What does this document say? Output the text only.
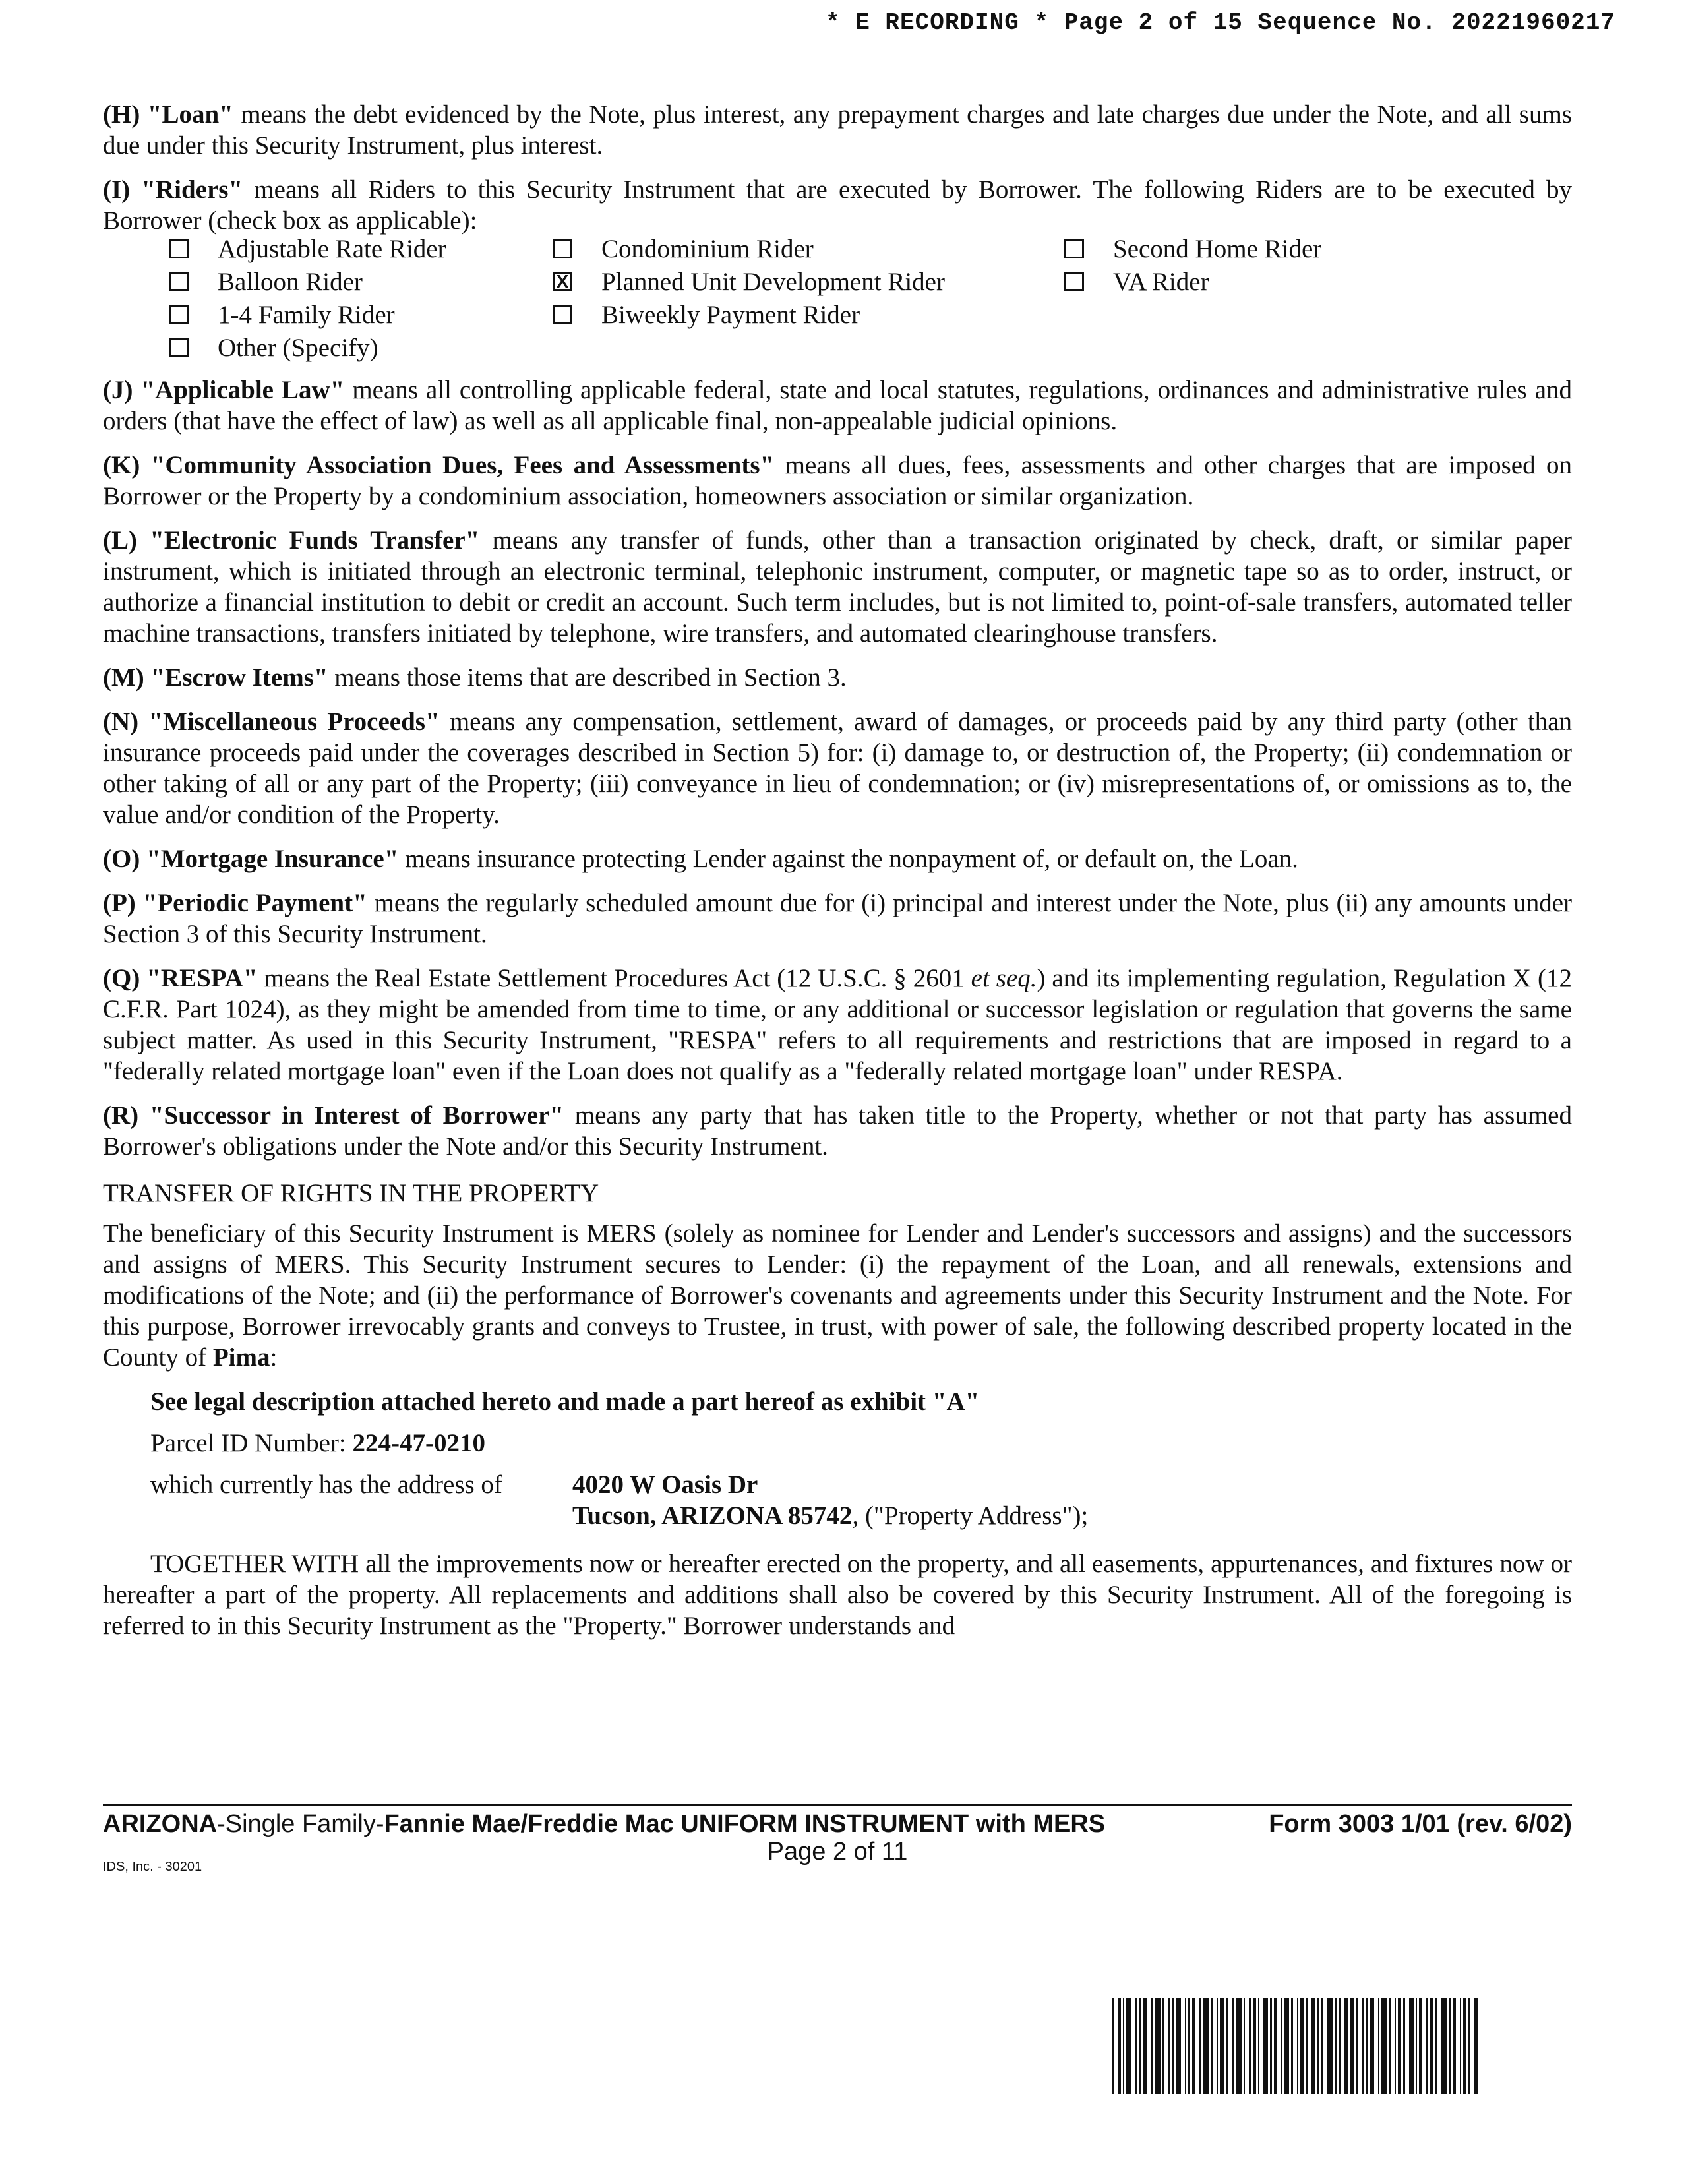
* E RECORDING * Page 2 of 15 Sequence No. 20221960217

(H) "Loan" means the debt evidenced by the Note, plus interest, any prepayment charges and late charges due under the Note, and all sums due under this Security Instrument, plus interest.

(I) "Riders" means all Riders to this Security Instrument that are executed by Borrower. The following Riders are to be executed by Borrower (check box as applicable):

Adjustable Rate Rider
Balloon Rider
1-4 Family Rider
Other (Specify)
Condominium Rider
X Planned Unit Development Rider
Biweekly Payment Rider
Second Home Rider
VA Rider

(J) "Applicable Law" means all controlling applicable federal, state and local statutes, regulations, ordinances and administrative rules and orders (that have the effect of law) as well as all applicable final, non-appealable judicial opinions.

(K) "Community Association Dues, Fees and Assessments" means all dues, fees, assessments and other charges that are imposed on Borrower or the Property by a condominium association, homeowners association or similar organization.

(L) "Electronic Funds Transfer" means any transfer of funds, other than a transaction originated by check, draft, or similar paper instrument, which is initiated through an electronic terminal, telephonic instrument, computer, or magnetic tape so as to order, instruct, or authorize a financial institution to debit or credit an account. Such term includes, but is not limited to, point-of-sale transfers, automated teller machine transactions, transfers initiated by telephone, wire transfers, and automated clearinghouse transfers.

(M) "Escrow Items" means those items that are described in Section 3.

(N) "Miscellaneous Proceeds" means any compensation, settlement, award of damages, or proceeds paid by any third party (other than insurance proceeds paid under the coverages described in Section 5) for: (i) damage to, or destruction of, the Property; (ii) condemnation or other taking of all or any part of the Property; (iii) conveyance in lieu of condemnation; or (iv) misrepresentations of, or omissions as to, the value and/or condition of the Property.

(O) "Mortgage Insurance" means insurance protecting Lender against the nonpayment of, or default on, the Loan.

(P) "Periodic Payment" means the regularly scheduled amount due for (i) principal and interest under the Note, plus (ii) any amounts under Section 3 of this Security Instrument.

(Q) "RESPA" means the Real Estate Settlement Procedures Act (12 U.S.C. § 2601 et seq.) and its implementing regulation, Regulation X (12 C.F.R. Part 1024), as they might be amended from time to time, or any additional or successor legislation or regulation that governs the same subject matter. As used in this Security Instrument, "RESPA" refers to all requirements and restrictions that are imposed in regard to a "federally related mortgage loan" even if the Loan does not qualify as a "federally related mortgage loan" under RESPA.

(R) "Successor in Interest of Borrower" means any party that has taken title to the Property, whether or not that party has assumed Borrower's obligations under the Note and/or this Security Instrument.

TRANSFER OF RIGHTS IN THE PROPERTY

The beneficiary of this Security Instrument is MERS (solely as nominee for Lender and Lender's successors and assigns) and the successors and assigns of MERS. This Security Instrument secures to Lender: (i) the repayment of the Loan, and all renewals, extensions and modifications of the Note; and (ii) the performance of Borrower's covenants and agreements under this Security Instrument and the Note. For this purpose, Borrower irrevocably grants and conveys to Trustee, in trust, with power of sale, the following described property located in the County of Pima:

See legal description attached hereto and made a part hereof as exhibit "A"
Parcel ID Number: 224-47-0210
which currently has the address of	4020 W Oasis Dr
Tucson, ARIZONA 85742, ("Property Address");

TOGETHER WITH all the improvements now or hereafter erected on the property, and all easements, appurtenances, and fixtures now or hereafter a part of the property. All replacements and additions shall also be covered by this Security Instrument. All of the foregoing is referred to in this Security Instrument as the "Property." Borrower understands and

ARIZONA-Single Family-Fannie Mae/Freddie Mac UNIFORM INSTRUMENT with MERS	Form 3003 1/01 (rev. 6/02)
Page 2 of 11
IDS, Inc. - 30201
